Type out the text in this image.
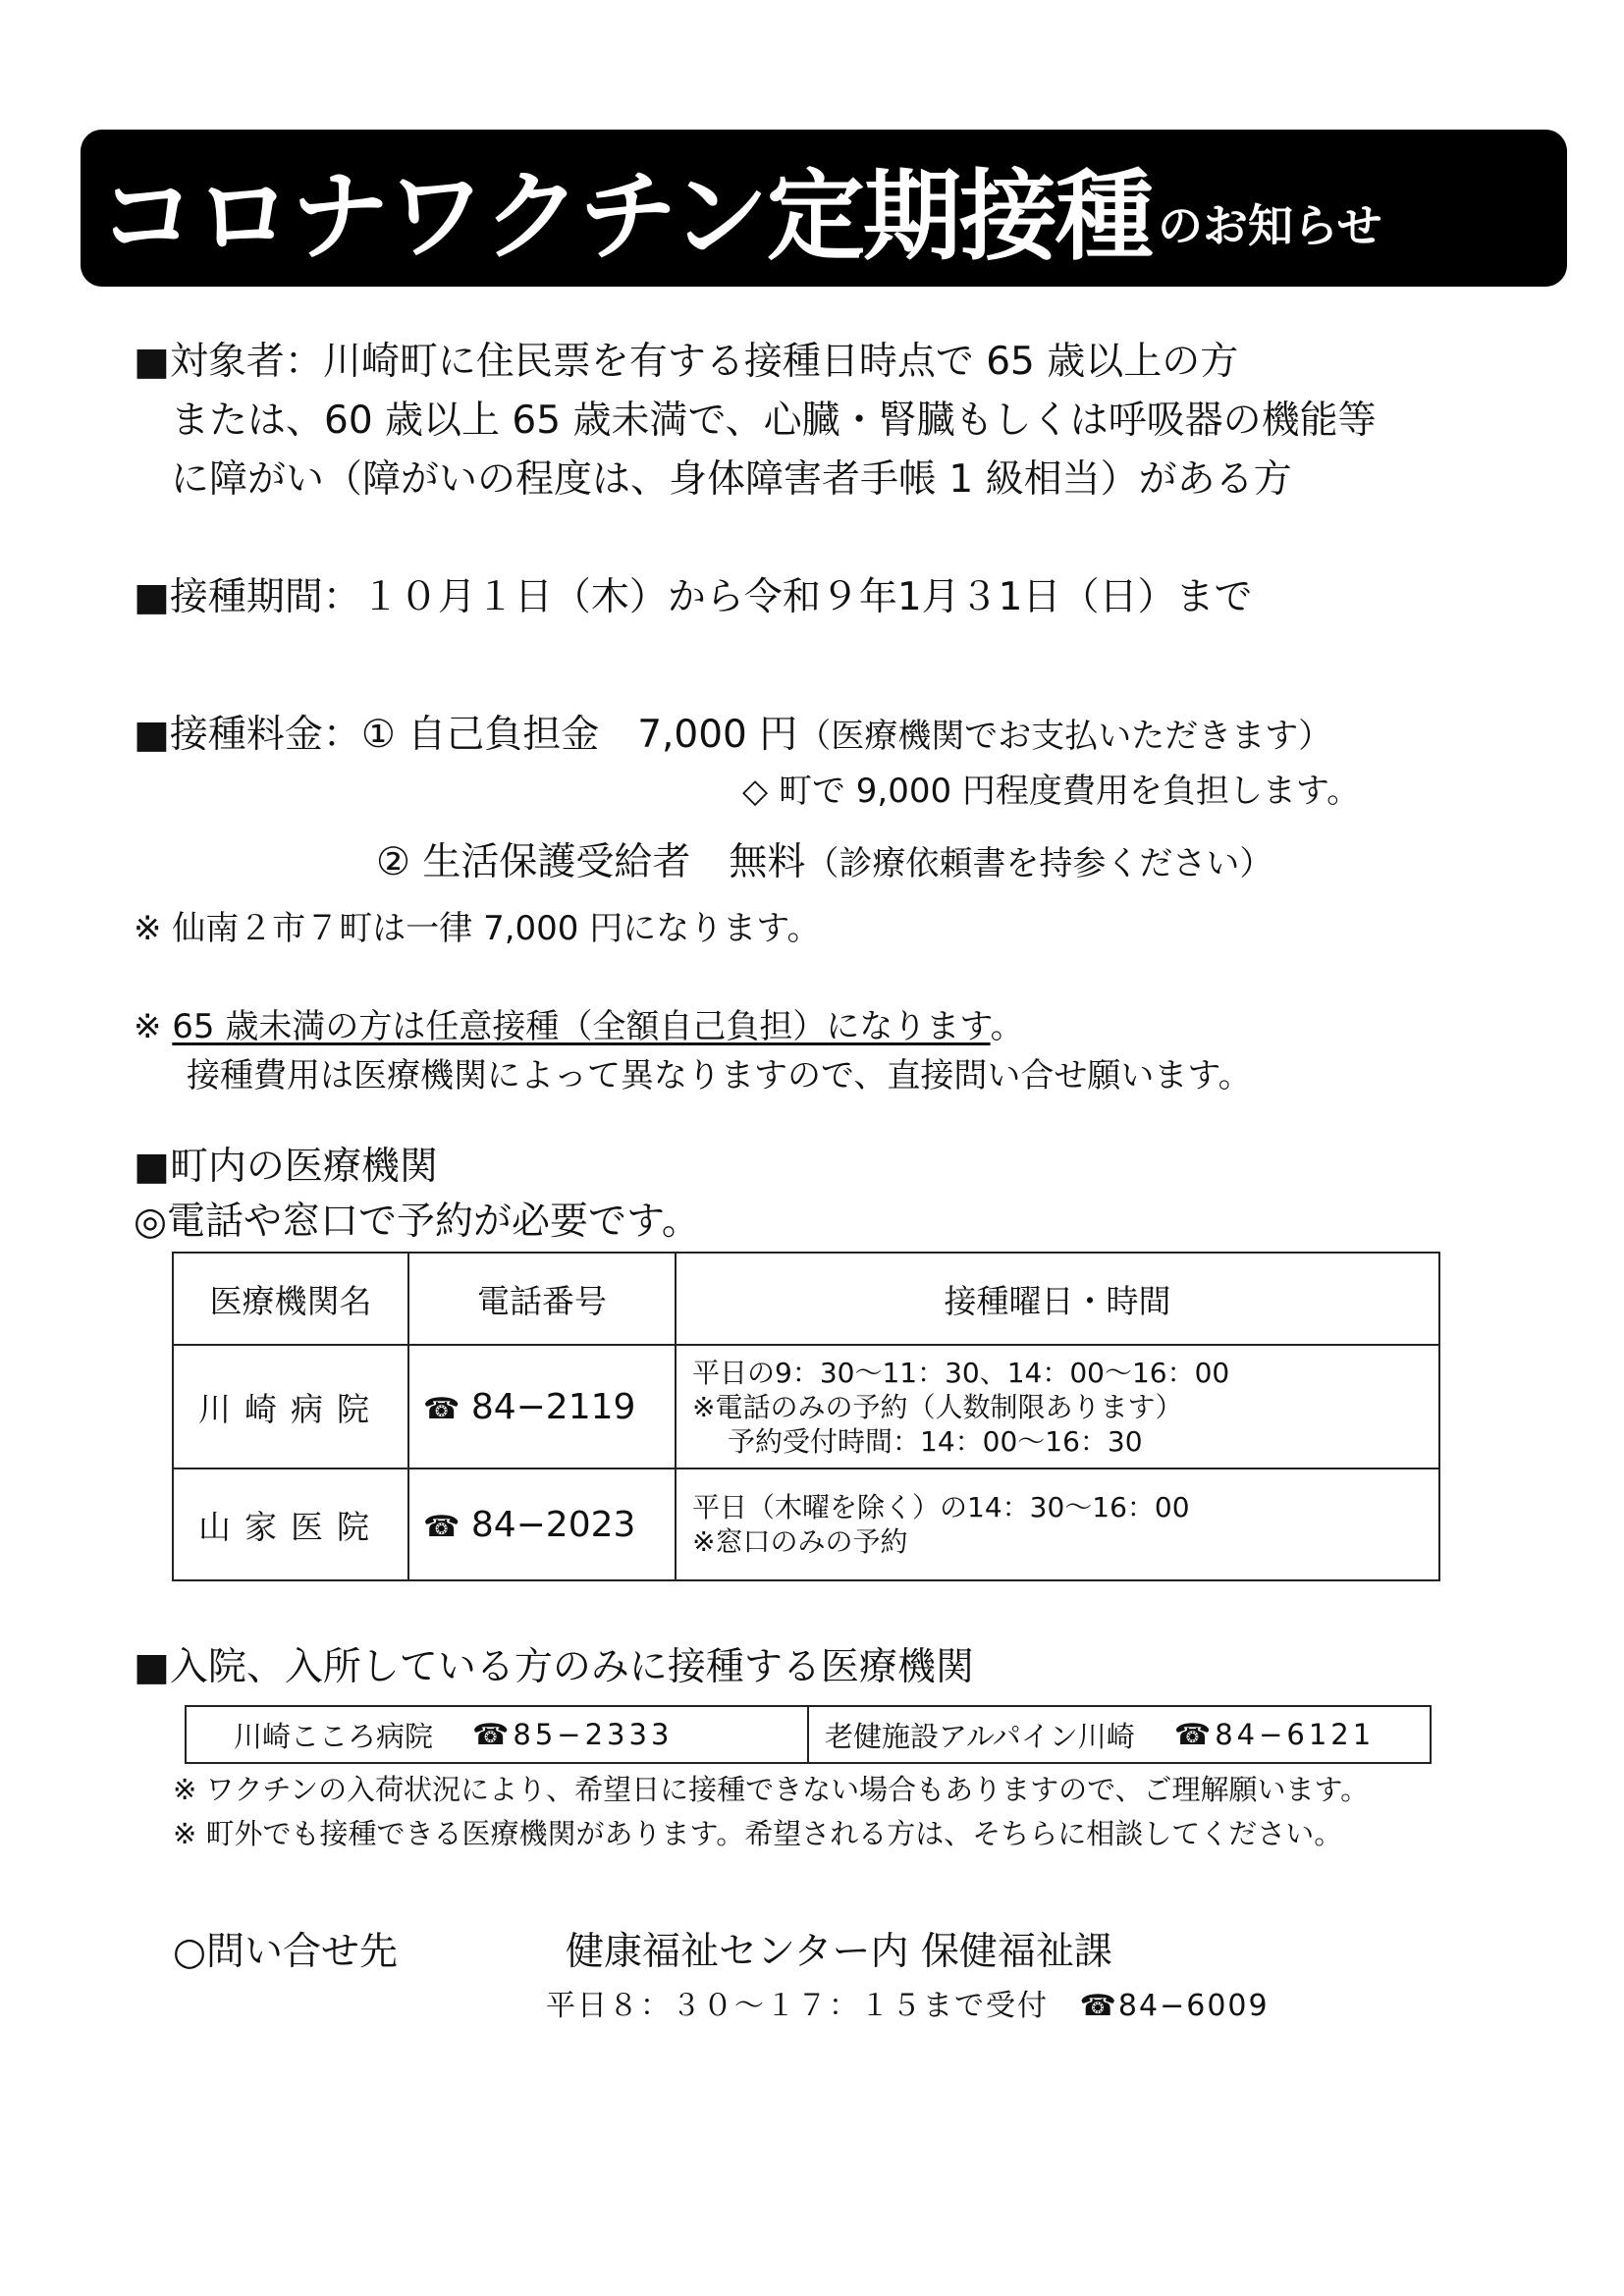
コロナワクチン定期接種 のお知らせ
■対象者：川崎町に住民票を有する接種日時点で 65 歳以上の方
または、60 歳以上 65 歳未満で、心臓・腎臓もしくは呼吸器の機能等
に障がい（障がいの程度は、身体障害者手帳 1 級相当）がある方
■接種期間：１０月１日（木）から令和９年1月３1日（日）まで
■接種料金：① 自己負担金　7,000 円（医療機関でお支払いただきます）
◇ 町で 9,000 円程度費用を負担します。
② 生活保護受給者　無料（診療依頼書を持参ください）
※ 仙南２市７町は一律 7,000 円になります。
※ 65 歳未満の方は任意接種（全額自己負担）になります。
接種費用は医療機関によって異なりますので、直接問い合せ願います。
■町内の医療機関
◎電話や窓口で予約が必要です。
医療機関名	電話番号	接種曜日・時間
川崎病院	☎ 84−2119	平日の9：30〜11：30、14：00〜16：00
※電話のみの予約（人数制限あります）
予約受付時間：14：00〜16：30

山家医院	☎ 84−2023	平日（木曜を除く）の14：30〜16：00
※窓口のみの予約
■入院、入所している方のみに接種する医療機関
川崎こころ病院 ☎85−2333	老健施設アルパイン川崎 ☎84−6121
※ ワクチンの入荷状況により、希望日に接種できない場合もありますので、ご理解願います。
※ 町外でも接種できる医療機関があります。希望される方は、そちらに相談してください。
○問い合せ先	健康福祉センター内 保健福祉課
平日８：３０〜１７：１５まで受付 ☎84−6009
